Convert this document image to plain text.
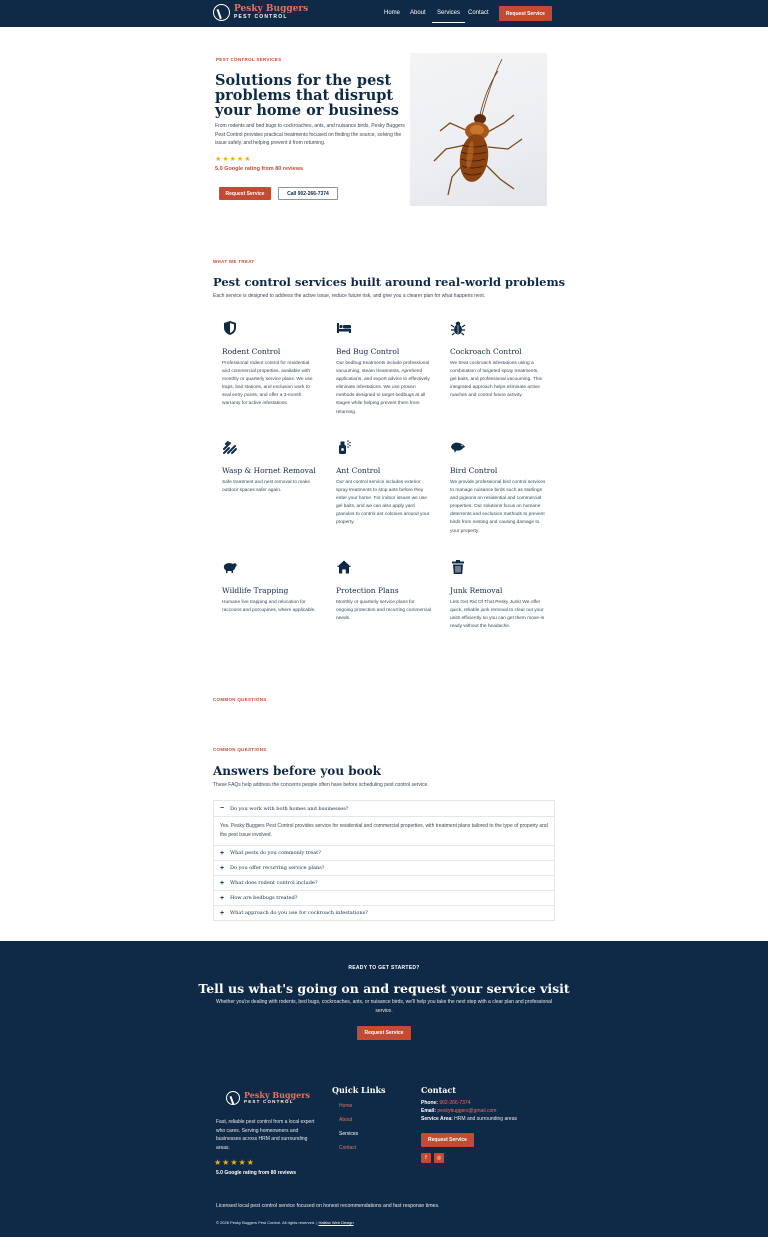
Pesky Buggers
PEST CONTROL
Home About Services Contact	Request Service
PEST CONTROL SERVICES
Solutions for the pest problems that disrupt your home or business

From rodents and bed bugs to cockroaches, ants, and nuisance birds, Pesky Buggers Pest Control provides practical treatments focused on finding the source, solving the issue safely, and helping prevent it from returning.

★★★★★
5.0 Google rating from 80 reviews
Request Service	Call 902-266-7374
WHAT WE TREAT
Pest control services built around real-world problems

Each service is designed to address the active issue, reduce future risk, and give you a clearer plan for what happens next.

Rodent Control
Professional rodent control for residential and commercial properties, available with monthly or quarterly service plans. We use traps, bait stations, and exclusion work to seal entry points, and offer a 3-month warranty for active infestations.
Bed Bug Control
Our bedbug treatments include professional vacuuming, steam treatments, Aprehend applications, and expert advice to effectively eliminate infestations. We use proven methods designed to target bedbugs at all stages while helping prevent them from returning.
Cockroach Control
We treat cockroach infestations using a combination of targeted spray treatments, gel baits, and professional vacuuming. This integrated approach helps eliminate active roaches and control future activity.
Wasp & Hornet Removal
Safe treatment and nest removal to make outdoor spaces safer again.
Ant Control
Our ant control service includes exterior spray treatments to stop ants before they enter your home. For indoor issues we use gel baits, and we can also apply yard granules to control ant colonies around your property.
Bird Control
We provide professional bird control services to manage nuisance birds such as starlings and pigeons on residential and commercial properties. Our solutions focus on humane deterrents and exclusion methods to prevent birds from nesting and causing damage to your property.
Wildlife Trapping
Humane live trapping and relocation for raccoons and porcupines, where applicable.
Protection Plans
Monthly or quarterly service plans for ongoing protection and recurring commercial needs.
Junk Removal
Lets Get Rid Of That Pesky Junk! We offer quick, reliable junk removal to clear out your units efficiently so you can get them move-in ready without the headache.
COMMON QUESTIONS
COMMON QUESTIONS
Answers before you book

These FAQs help address the concerns people often have before scheduling pest control service.

−	Do you work with both homes and businesses?
Yes. Pesky Buggers Pest Control provides service for residential and commercial properties, with treatment plans tailored to the type of property and the pest issue involved.
+	What pests do you commonly treat?
+	Do you offer recurring service plans?
+	What does rodent control include?
+	How are bedbugs treated?
+	What approach do you use for cockroach infestations?
READY TO GET STARTED?
Tell us what's going on and request your service visit

Whether you're dealing with rodents, bed bugs, cockroaches, ants, or nuisance birds, we'll help you take the next step with a clear plan and professional service.

Request Service
Pesky Buggers
PEST CONTROL

Fast, reliable pest control from a local expert who cares. Serving homeowners and businesses across HRM and surrounding areas.

★★★★★
5.0 Google rating from 80 reviews
Quick Links
Home
About
Services
Contact
Contact
Phone: 902-266-7374
Email: peskybuggers@gmail.com
Service Area: HRM and surrounding areas
Request Service
f	◎

Licensed local pest control service focused on honest recommendations and fast response times.

© 2026 Pesky Buggers Pest Control. All rights reserved. | Halifax Web Design
